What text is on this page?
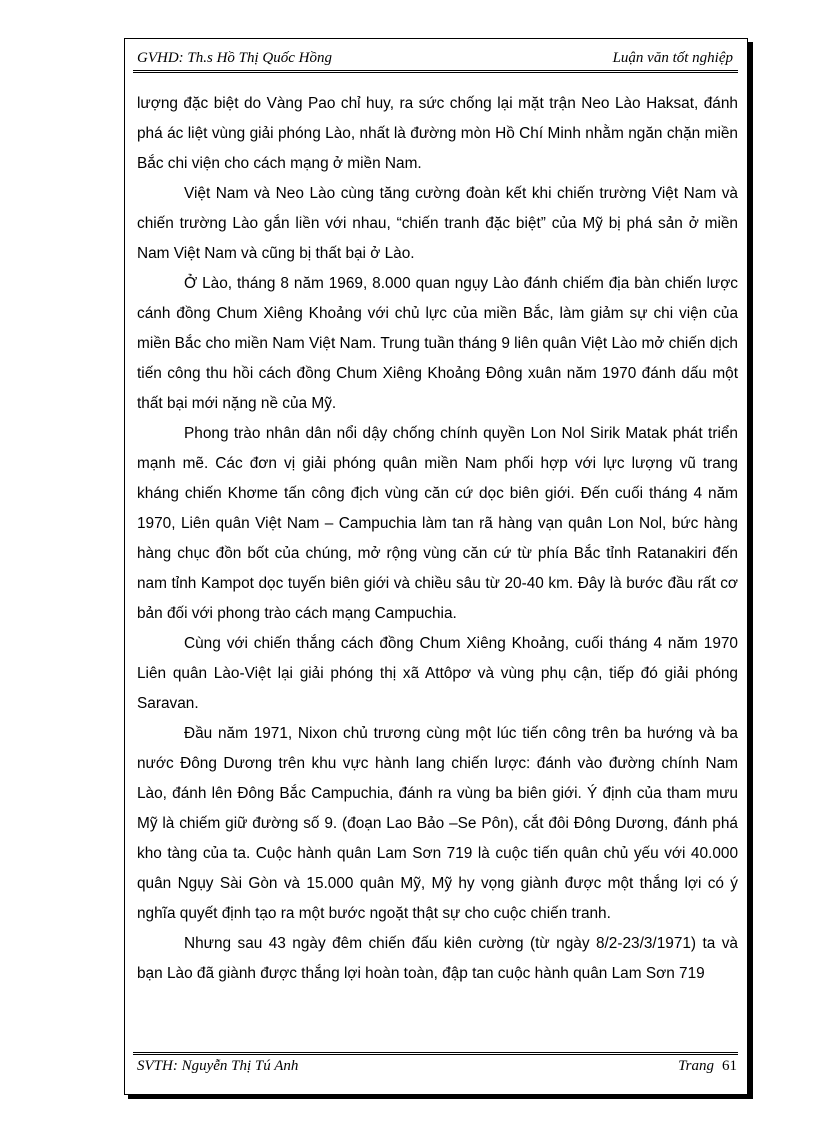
GVHD: Th.s Hồ Thị Quốc Hồng	Luận văn tốt nghiệp

lượng đặc biệt do Vàng Pao chỉ huy, ra sức chống lại mặt trận Neo Lào Haksat, đánh phá ác liệt vùng giải phóng Lào, nhất là đường mòn Hồ Chí Minh nhằm ngăn chặn miền Bắc chi viện cho cách mạng ở miền Nam.

Việt Nam và Neo Lào cùng tăng cường đoàn kết khi chiến trường Việt Nam và chiến trường Lào gắn liền với nhau, “chiến tranh đặc biệt” của Mỹ bị phá sản ở miền Nam Việt Nam và cũng bị thất bại ở Lào.

Ở Lào, tháng 8 năm 1969, 8.000 quan ngụy Lào đánh chiếm địa bàn chiến lược cánh đồng Chum Xiêng Khoảng với chủ lực của miền Bắc, làm giảm sự chi viện của miền Bắc cho miền Nam Việt Nam. Trung tuần tháng 9 liên quân Việt Lào mở chiến dịch tiến công thu hồi cách đồng Chum Xiêng Khoảng Đông xuân năm 1970 đánh dấu một thất bại mới nặng nề của Mỹ.

Phong trào nhân dân nổi dậy chống chính quyền Lon Nol Sirik Matak phát triển mạnh mẽ. Các đơn vị giải phóng quân miền Nam phối hợp với lực lượng vũ trang kháng chiến Khơme tấn công địch vùng căn cứ dọc biên giới. Đến cuối tháng 4 năm 1970, Liên quân Việt Nam – Campuchia làm tan rã hàng vạn quân Lon Nol, bức hàng hàng chục đồn bốt của chúng, mở rộng vùng căn cứ từ phía Bắc tỉnh Ratanakiri đến nam tỉnh Kampot dọc tuyến biên giới và chiều sâu từ 20-40 km. Đây là bước đầu rất cơ bản đối với phong trào cách mạng Campuchia.

Cùng với chiến thắng cách đồng Chum Xiêng Khoảng, cuối tháng 4 năm 1970 Liên quân Lào-Việt lại giải phóng thị xã Attôpơ và vùng phụ cận, tiếp đó giải phóng Saravan.

Đầu năm 1971, Nixon chủ trương cùng một lúc tiến công trên ba hướng và ba nước Đông Dương trên khu vực hành lang chiến lược: đánh vào đường chính Nam Lào, đánh lên Đông Bắc Campuchia, đánh ra vùng ba biên giới. Ý định của tham mưu Mỹ là chiếm giữ đường số 9. (đoạn Lao Bảo –Se Pôn), cắt đôi Đông Dương, đánh phá kho tàng của ta. Cuộc hành quân Lam Sơn 719 là cuộc tiến quân chủ yếu với 40.000 quân Ngụy Sài Gòn và 15.000 quân Mỹ, Mỹ hy vọng giành được một thắng lợi có ý nghĩa quyết định tạo ra một bước ngoặt thật sự cho cuộc chiến tranh.

Nhưng sau 43 ngày đêm chiến đấu kiên cường (từ ngày 8/2-23/3/1971) ta và bạn Lào đã giành được thắng lợi hoàn toàn, đập tan cuộc hành quân Lam Sơn 719

SVTH: Nguyễn Thị Tú Anh	Trang 61
